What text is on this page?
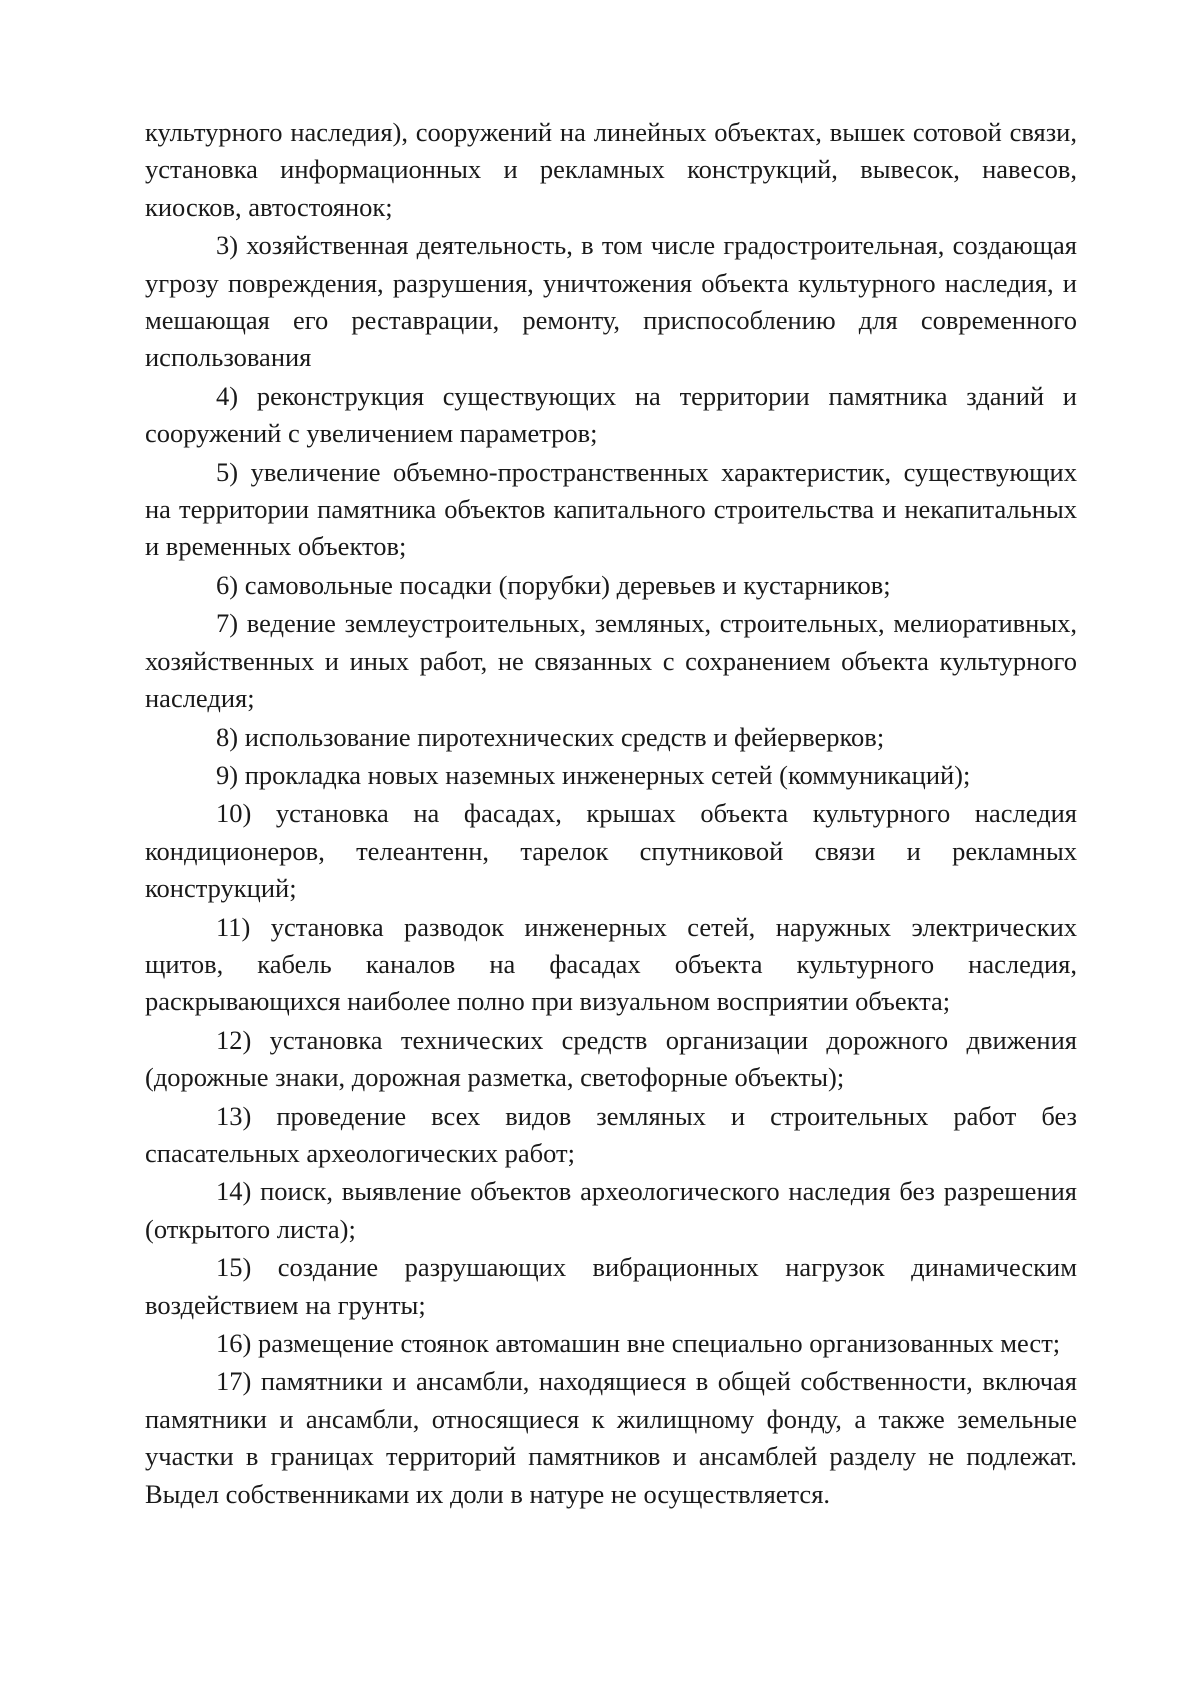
культурного наследия), сооружений на линейных объектах, вышек сотовой связи, установка информационных и рекламных конструкций, вывесок, навесов, киосков, автостоянок;

3) хозяйственная деятельность, в том числе градостроительная, создающая угрозу повреждения, разрушения, уничтожения объекта культурного наследия, и мешающая его реставрации, ремонту, приспособлению для современного использования

4) реконструкция существующих на территории памятника зданий и сооружений с увеличением параметров;

5) увеличение объемно-пространственных характеристик, существующих на территории памятника объектов капитального строительства и некапитальных и временных объектов;

6) самовольные посадки (порубки) деревьев и кустарников;

7) ведение землеустроительных, земляных, строительных, мелиоративных, хозяйственных и иных работ, не связанных с сохранением объекта культурного наследия;

8) использование пиротехнических средств и фейерверков;

9) прокладка новых наземных инженерных сетей (коммуникаций);

10) установка на фасадах, крышах объекта культурного наследия кондиционеров, телеантенн, тарелок спутниковой связи и рекламных конструкций;

11) установка разводок инженерных сетей, наружных электрических щитов, кабель каналов на фасадах объекта культурного наследия, раскрывающихся наиболее полно при визуальном восприятии объекта;

12) установка технических средств организации дорожного движения (дорожные знаки, дорожная разметка, светофорные объекты);

13) проведение всех видов земляных и строительных работ без спасательных археологических работ;

14) поиск, выявление объектов археологического наследия без разрешения (открытого листа);

15) создание разрушающих вибрационных нагрузок динамическим воздействием на грунты;

16) размещение стоянок автомашин вне специально организованных мест;

17) памятники и ансамбли, находящиеся в общей собственности, включая памятники и ансамбли, относящиеся к жилищному фонду, а также земельные участки в границах территорий памятников и ансамблей разделу не подлежат. Выдел собственниками их доли в натуре не осуществляется.
